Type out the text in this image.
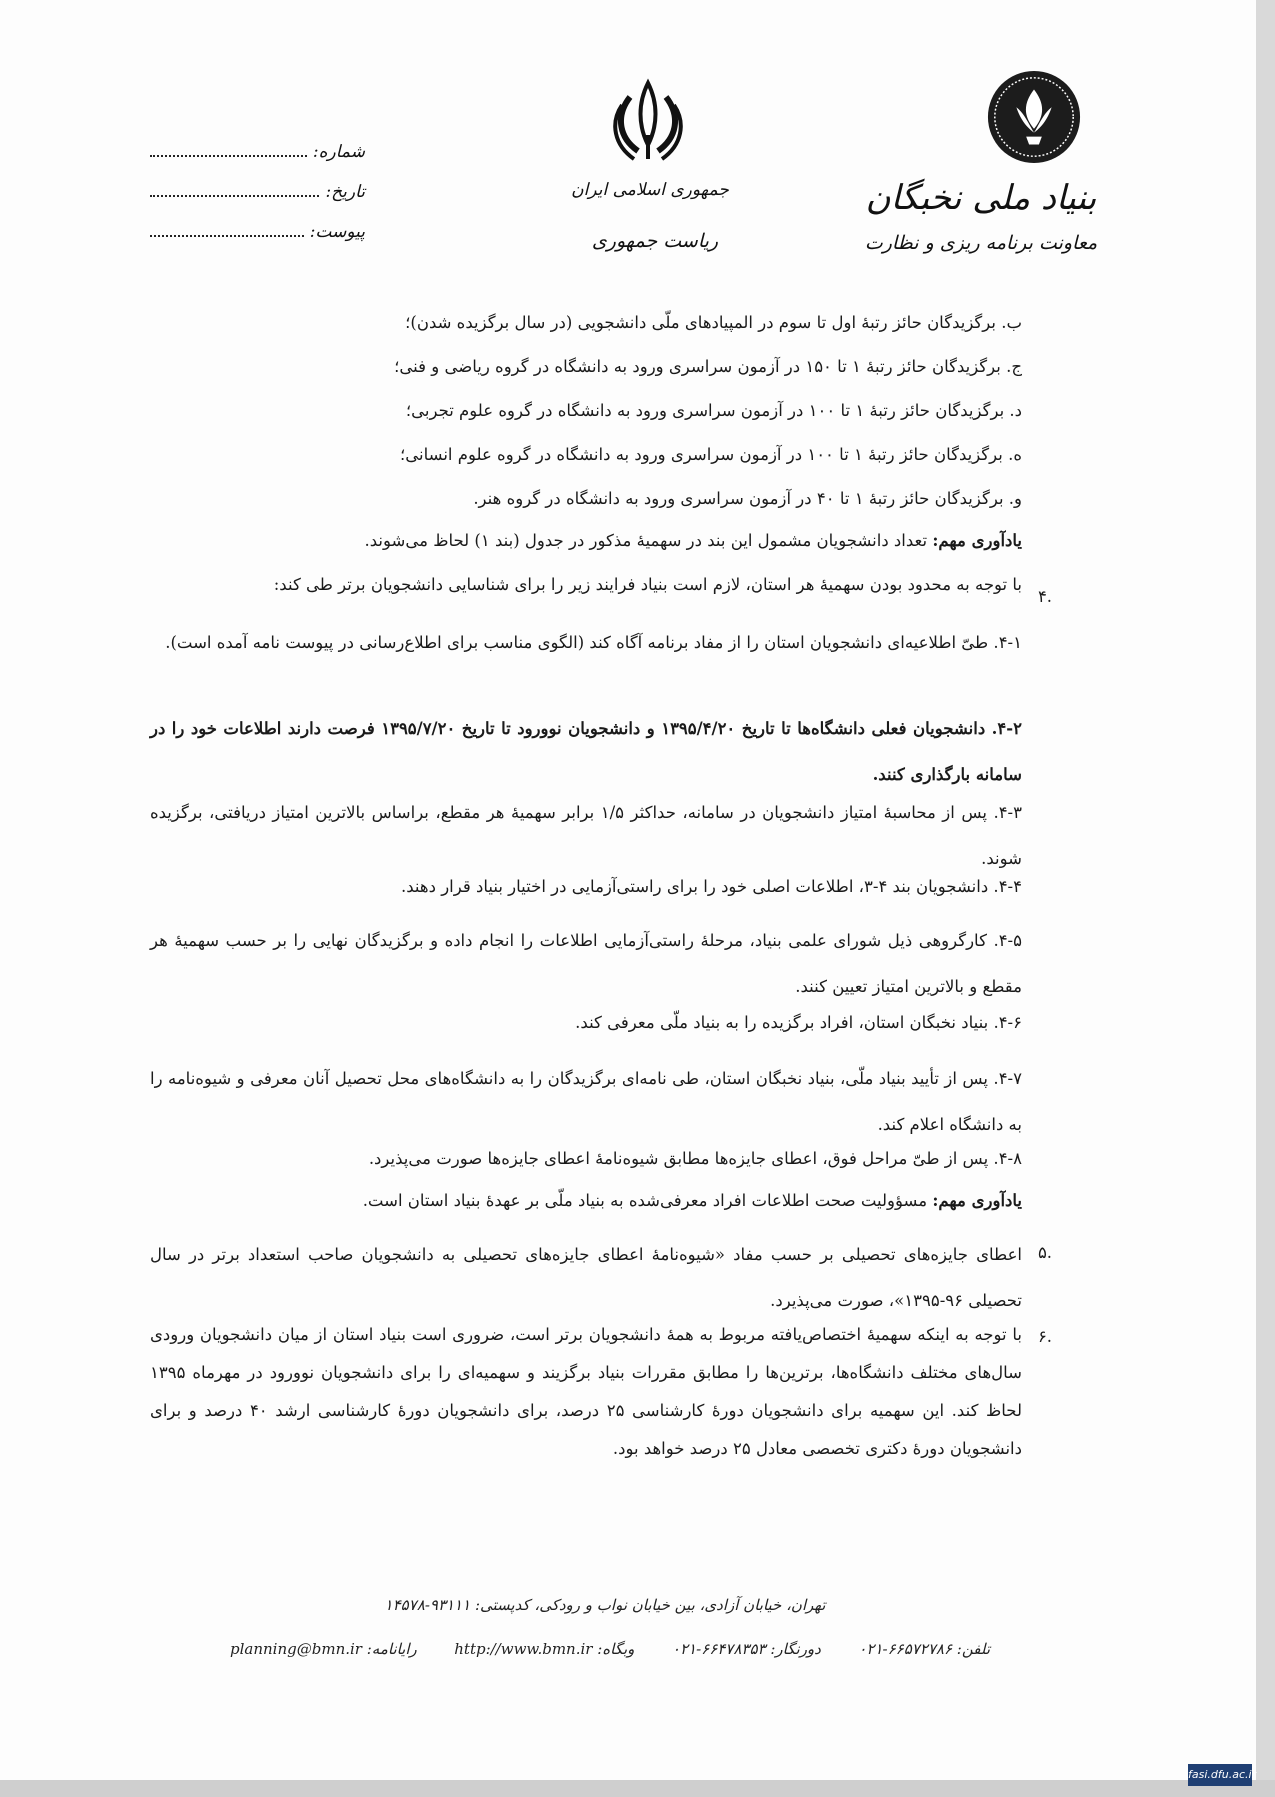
بنیاد ملی نخبگان
معاونت برنامه ریزی و نظارت
جمهوری اسلامی ایران
ریاست جمهوری
شماره:
تاریخ:
پیوست:
ب. برگزیدگان حائز رتبهٔ اول تا سوم در المپیادهای ملّی دانشجویی (در سال برگزیده شدن)؛
ج. برگزیدگان حائز رتبهٔ ۱ تا ۱۵۰ در آزمون سراسری ورود به دانشگاه در گروه ریاضی و فنی؛
د. برگزیدگان حائز رتبهٔ ۱ تا ۱۰۰ در آزمون سراسری ورود به دانشگاه در گروه علوم تجربی؛
ه. برگزیدگان حائز رتبهٔ ۱ تا ۱۰۰ در آزمون سراسری ورود به دانشگاه در گروه علوم انسانی؛
و. برگزیدگان حائز رتبهٔ ۱ تا ۴۰ در آزمون سراسری ورود به دانشگاه در گروه هنر.
یادآوری مهم: تعداد دانشجویان مشمول این بند در سهمیهٔ مذکور در جدول (بند ۱) لحاظ می‌شوند.
۴.
با توجه به محدود بودن سهمیهٔ هر استان، لازم است بنیاد فرایند زیر را برای شناسایی دانشجویان برتر طی کند:
۴-۱. طیّ اطلاعیه‌ای دانشجویان استان را از مفاد برنامه آگاه کند (الگوی مناسب برای اطلاع‌رسانی در پیوست نامه آمده است).
۴-۲. دانشجویان فعلی دانشگاه‌ها تا تاریخ ۱۳۹۵/۴/۲۰ و دانشجویان نوورود تا تاریخ ۱۳۹۵/۷/۲۰ فرصت دارند اطلاعات خود را در سامانه بارگذاری کنند.
۴-۳. پس از محاسبهٔ امتیاز دانشجویان در سامانه، حداکثر ۱/۵ برابر سهمیهٔ هر مقطع، براساس بالاترین امتیاز دریافتی، برگزیده شوند.
۴-۴. دانشجویان بند ۴-۳، اطلاعات اصلی خود را برای راستی‌آزمایی در اختیار بنیاد قرار دهند.
۴-۵. کارگروهی ذیل شورای علمی بنیاد، مرحلهٔ راستی‌آزمایی اطلاعات را انجام داده و برگزیدگان نهایی را بر حسب سهمیهٔ هر مقطع و بالاترین امتیاز تعیین کنند.
۴-۶. بنیاد نخبگان استان، افراد برگزیده را به بنیاد ملّی معرفی کند.
۴-۷. پس از تأیید بنیاد ملّی، بنیاد نخبگان استان، طی نامه‌ای برگزیدگان را به دانشگاه‌های محل تحصیل آنان معرفی و شیوه‌نامه را به دانشگاه اعلام کند.
۴-۸. پس از طیّ مراحل فوق، اعطای جایزه‌ها مطابق شیوه‌نامهٔ اعطای جایزه‌ها صورت می‌پذیرد.
یادآوری مهم: مسؤولیت صحت اطلاعات افراد معرفی‌شده به بنیاد ملّی بر عهدهٔ بنیاد استان است.
۵.
اعطای جایزه‌های تحصیلی بر حسب مفاد «شیوه‌نامهٔ اعطای جایزه‌های تحصیلی به دانشجویان صاحب استعداد برتر در سال تحصیلی ۹۶-۱۳۹۵»، صورت می‌پذیرد.
۶.
با توجه به اینکه سهمیهٔ اختصاص‌یافته مربوط به همهٔ دانشجویان برتر است، ضروری است بنیاد استان از میان دانشجویان ورودی سال‌های مختلف دانشگاه‌ها، برترین‌ها را مطابق مقررات بنیاد برگزیند و سهمیه‌ای را برای دانشجویان نوورود در مهرماه ۱۳۹۵ لحاظ کند. این سهمیه برای دانشجویان دورهٔ کارشناسی ۲۵ درصد، برای دانشجویان دورهٔ کارشناسی ارشد ۴۰ درصد و برای دانشجویان دورهٔ دکتری تخصصی معادل ۲۵ درصد خواهد بود.
تهران، خیابان آزادی، بین خیابان نواب و رودکی، کدپستی: ۹۳۱۱۱-۱۴۵۷۸
تلفن: ۶۶۵۷۲۷۸۶-۰۲۱
دورنگار: ۶۶۴۷۸۳۵۳-۰۲۱
وبگاه: http://www.bmn.ir
رایانامه: planning@bmn.ir
fasi.dfu.ac.ir
